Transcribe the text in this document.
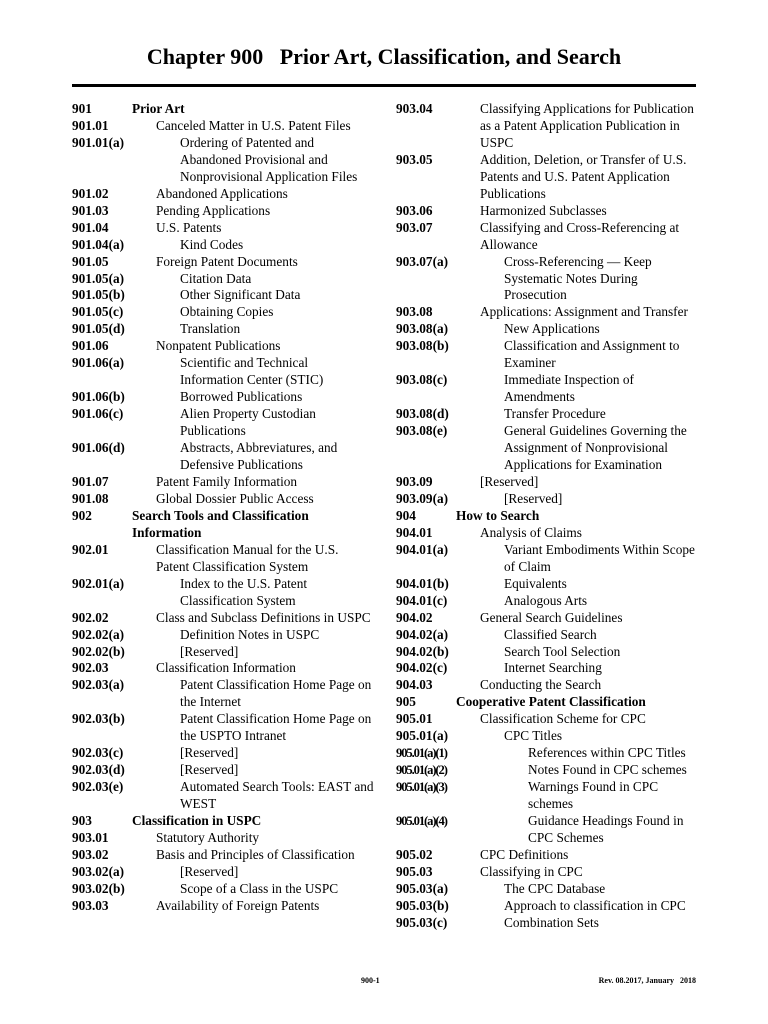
Chapter 900   Prior Art, Classification, and Search
901	Prior Art
901.01	Canceled Matter in U.S. Patent Files
901.01(a)	Ordering of Patented and Abandoned Provisional and Nonprovisional Application Files
901.02	Abandoned Applications
901.03	Pending Applications
901.04	U.S. Patents
901.04(a)	Kind Codes
901.05	Foreign Patent Documents
901.05(a)	Citation Data
901.05(b)	Other Significant Data
901.05(c)	Obtaining Copies
901.05(d)	Translation
901.06	Nonpatent Publications
901.06(a)	Scientific and Technical Information Center (STIC)
901.06(b)	Borrowed Publications
901.06(c)	Alien Property Custodian Publications
901.06(d)	Abstracts, Abbreviatures, and Defensive Publications
901.07	Patent Family Information
901.08	Global Dossier Public Access
902	Search Tools and Classification Information
902.01	Classification Manual for the U.S. Patent Classification System
902.01(a)	Index to the U.S. Patent Classification System
902.02	Class and Subclass Definitions in USPC
902.02(a)	Definition Notes in USPC
902.02(b)	[Reserved]
902.03	Classification Information
902.03(a)	Patent Classification Home Page on the Internet
902.03(b)	Patent Classification Home Page on the USPTO Intranet
902.03(c)	[Reserved]
902.03(d)	[Reserved]
902.03(e)	Automated Search Tools: EAST and WEST
903	Classification in USPC
903.01	Statutory Authority
903.02	Basis and Principles of Classification
903.02(a)	[Reserved]
903.02(b)	Scope of a Class in the USPC
903.03	Availability of Foreign Patents
903.04	Classifying Applications for Publication as a Patent Application Publication in USPC
903.05	Addition, Deletion, or Transfer of U.S. Patents and U.S. Patent Application Publications
903.06	Harmonized Subclasses
903.07	Classifying and Cross-Referencing at Allowance
903.07(a)	Cross-Referencing — Keep Systematic Notes During Prosecution
903.08	Applications: Assignment and Transfer
903.08(a)	New Applications
903.08(b)	Classification and Assignment to Examiner
903.08(c)	Immediate Inspection of Amendments
903.08(d)	Transfer Procedure
903.08(e)	General Guidelines Governing the Assignment of Nonprovisional Applications for Examination
903.09	[Reserved]
903.09(a)	[Reserved]
904	How to Search
904.01	Analysis of Claims
904.01(a)	Variant Embodiments Within Scope of Claim
904.01(b)	Equivalents
904.01(c)	Analogous Arts
904.02	General Search Guidelines
904.02(a)	Classified Search
904.02(b)	Search Tool Selection
904.02(c)	Internet Searching
904.03	Conducting the Search
905	Cooperative Patent Classification
905.01	Classification Scheme for CPC
905.01(a)	CPC Titles
905.01(a)(1)	References within CPC Titles
905.01(a)(2)	Notes Found in CPC schemes
905.01(a)(3)	Warnings Found in CPC schemes
905.01(a)(4)	Guidance Headings Found in CPC Schemes
905.02	CPC Definitions
905.03	Classifying in CPC
905.03(a)	The CPC Database
905.03(b)	Approach to classification in CPC
905.03(c)	Combination Sets
900-1	Rev. 08.2017, January   2018
